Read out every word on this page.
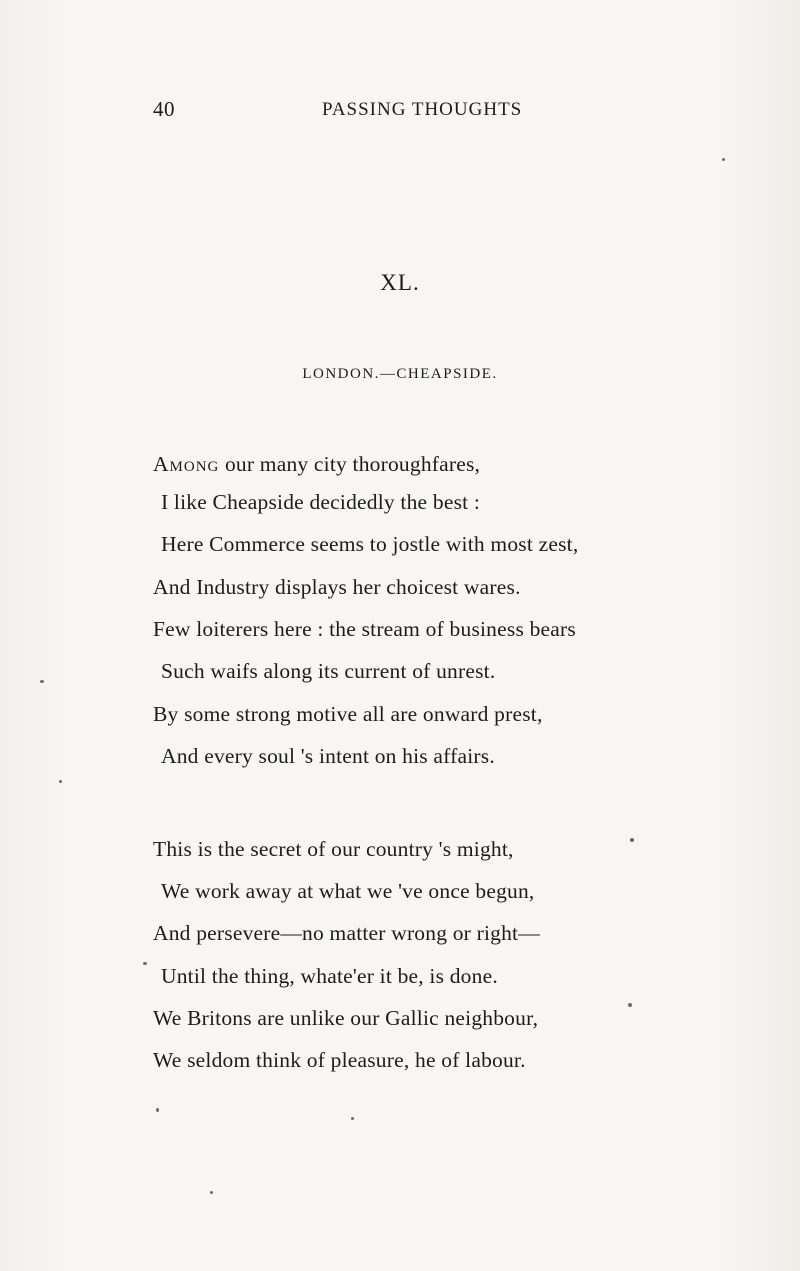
40	PASSING THOUGHTS
XL.
LONDON.—CHEAPSIDE.
Among our many city thoroughfares,
I like Cheapside decidedly the best :
Here Commerce seems to jostle with most zest,
And Industry displays her choicest wares.
Few loiterers here : the stream of business bears
Such waifs along its current of unrest.
By some strong motive all are onward prest,
And every soul 's intent on his affairs.
This is the secret of our country 's might,
We work away at what we 've once begun,
And persevere—no matter wrong or right—
Until the thing, whate'er it be, is done.
We Britons are unlike our Gallic neighbour,
We seldom think of pleasure, he of labour.
